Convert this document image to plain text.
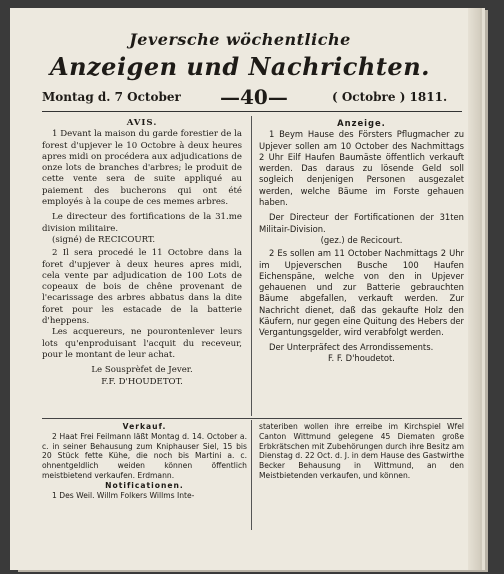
Jeversche wöchentliche
Anzeigen und Nachrichten.
Montag d. 7 October —40—	( Octobre ) 1811.

AVIS.

1 Devant la maison du garde forestier de la forest d'upjever le 10 Octobre à deux heures apres midi on procédera aux adjudications de onze lots de branches d'arbres; le produit de cette vente sera de suite appliqué au paiement des bucherons qui ont été employés à la coupe de ces memes arbres.

Le directeur des fortifications de la 31.me division militaire.

(signé) de RECICOURT.

2 Il sera procedé le 11 Octobre dans la foret d'upjever à deux heures apres midi, cela vente par adjudication de 100 Lots de copeaux de bois de chêne provenant de l'ecarissage des arbres abbatus dans la dite foret pour les estacade de la batterie d'heppens.

Les acquereurs, ne pourontenlever leurs lots qu'enproduisant l'acquit du receveur, pour le montant de leur achat.

Le Sousprèfet de Jever.

F.F. D'HOUDETOT.

Anzeige.

1 Beym Hause des Försters Pflugmacher zu Upjever sollen am 10 October des Nachmittags 2 Uhr Eilf Haufen Baumäste öffentlich verkauft werden. Das daraus zu lösende Geld soll sogleich denjenigen Personen ausgezalet werden, welche Bäume im Forste gehauen haben.

Der Directeur der Fortificationen der 31ten Militair-Division.

(gez.) de Recicourt.

2 Es sollen am 11 October Nachmittags 2 Uhr im Upjeverschen Busche 100 Haufen Eichenspäne, welche von den in Upjever gehauenen und zur Batterie gebrauchten Bäume abgefallen, verkauft werden. Zur Nachricht dienet, daß das gekaufte Holz den Käufern, nur gegen eine Quitung des Hebers der Vergantungsgelder, wird verabfolgt werden.

Der Unterpräfect des Arrondissements.

F. F. D'houdetot.

Verkauf.

2 Haat Frei Feilmann läßt Montag d. 14. October a. c. in seiner Behausung zum Kniphauser Siel, 15 bis 20 Stück fette Kühe, die noch bis Martini a. c. ohnentgeldlich weiden können öffentlich meistbietend verkaufen. Erdmann.

Notificationen.

1 Des Weil. Willm Folkers Willms Inte-

stateriben wollen ihre erreibe im Kirchspiel Wfel Canton Wittmund gelegene 45 Diematen große Erbkrätschen mit Zubehörungen durch ihre Besitz am Dienstag d. 22 Oct. d. J. in dem Hause des Gastwirthe Becker Behausung in Wittmund, an den Meistbietenden verkaufen, und können.
